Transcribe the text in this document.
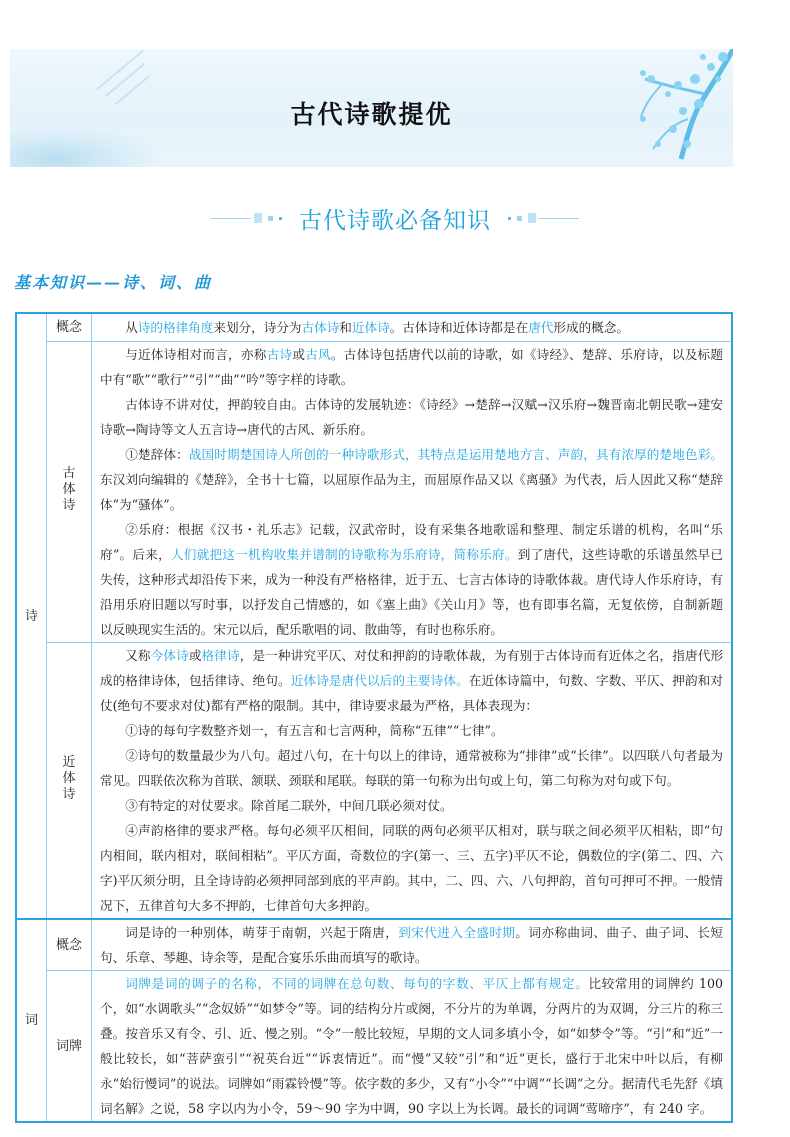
古代诗歌提优
古代诗歌必备知识
基本知识——诗、词、曲
诗	概念	从诗的格律角度来划分，诗分为古体诗和近体诗。古体诗和近体诗都是在唐代形成的概念。

	古体诗	与近体诗相对而言，亦称古诗或古风。古体诗包括唐代以前的诗歌，如《诗经》、楚辞、乐府诗，以及标题中有“歌”“歌行”“引”“曲”“吟”等字样的诗歌。

古体诗不讲对仗，押韵较自由。古体诗的发展轨迹：《诗经》→楚辞→汉赋→汉乐府→魏晋南北朝民歌→建安诗歌→陶诗等文人五言诗→唐代的古风、新乐府。

①楚辞体：战国时期楚国诗人所创的一种诗歌形式，其特点是运用楚地方言、声韵，具有浓厚的楚地色彩。东汉刘向编辑的《楚辞》，全书十七篇，以屈原作品为主，而屈原作品又以《离骚》为代表，后人因此又称“楚辞体”为“骚体”。

②乐府：根据《汉书・礼乐志》记载，汉武帝时，设有采集各地歌谣和整理、制定乐谱的机构，名叫“乐府”。后来，人们就把这一机构收集并谱制的诗歌称为乐府诗，简称乐府。到了唐代，这些诗歌的乐谱虽然早已失传，这种形式却沿传下来，成为一种没有严格格律，近于五、七言古体诗的诗歌体裁。唐代诗人作乐府诗，有沿用乐府旧题以写时事，以抒发自己情感的，如《塞上曲》《关山月》等，也有即事名篇，无复依傍，自制新题以反映现实生活的。宋元以后，配乐歌唱的词、散曲等，有时也称乐府。

	近体诗	又称今体诗或格律诗，是一种讲究平仄、对仗和押韵的诗歌体裁，为有别于古体诗而有近体之名，指唐代形成的格律诗体，包括律诗、绝句。近体诗是唐代以后的主要诗体。在近体诗篇中，句数、字数、平仄、押韵和对仗(绝句不要求对仗)都有严格的限制。其中，律诗要求最为严格，具体表现为：

①诗的每句字数整齐划一，有五言和七言两种，简称“五律”“七律”。

②诗句的数量最少为八句。超过八句，在十句以上的律诗，通常被称为“排律”或“长律”。以四联八句者最为常见。四联依次称为首联、颔联、颈联和尾联。每联的第一句称为出句或上句，第二句称为对句或下句。

③有特定的对仗要求。除首尾二联外，中间几联必须对仗。

④声韵格律的要求严格。每句必须平仄相间，同联的两句必须平仄相对，联与联之间必须平仄相粘，即“句内相间，联内相对，联间相粘”。平仄方面，奇数位的字(第一、三、五字)平仄不论，偶数位的字(第二、四、六字)平仄须分明，且全诗诗韵必须押同部到底的平声韵。其中，二、四、六、八句押韵，首句可押可不押。一般情况下，五律首句大多不押韵，七律首句大多押韵。

词	概念	词是诗的一种别体，萌芽于南朝，兴起于隋唐，到宋代进入全盛时期。词亦称曲词、曲子、曲子词、长短句、乐章、琴趣、诗余等，是配合宴乐乐曲而填写的歌诗。

	词牌	词牌是词的调子的名称，不同的词牌在总句数、每句的字数、平仄上都有规定。比较常用的词牌约 100 个，如“水调歌头”“念奴娇”“如梦令”等。词的结构分片或阕，不分片的为单调，分两片的为双调，分三片的称三叠。按音乐又有令、引、近、慢之别。“令”一般比较短，早期的文人词多填小令，如“如梦令”等。“引”和“近”一般比较长，如“菩萨蛮引”“祝英台近”“诉衷情近”。而“慢”又较“引”和“近”更长，盛行于北宋中叶以后，有柳永“始衍慢词”的说法。词牌如“雨霖铃慢”等。依字数的多少，又有“小令”“中调”“长调”之分。据清代毛先舒《填词名解》之说，58 字以内为小令，59～90 字为中调，90 字以上为长调。最长的词调“莺啼序”，有 240 字。
